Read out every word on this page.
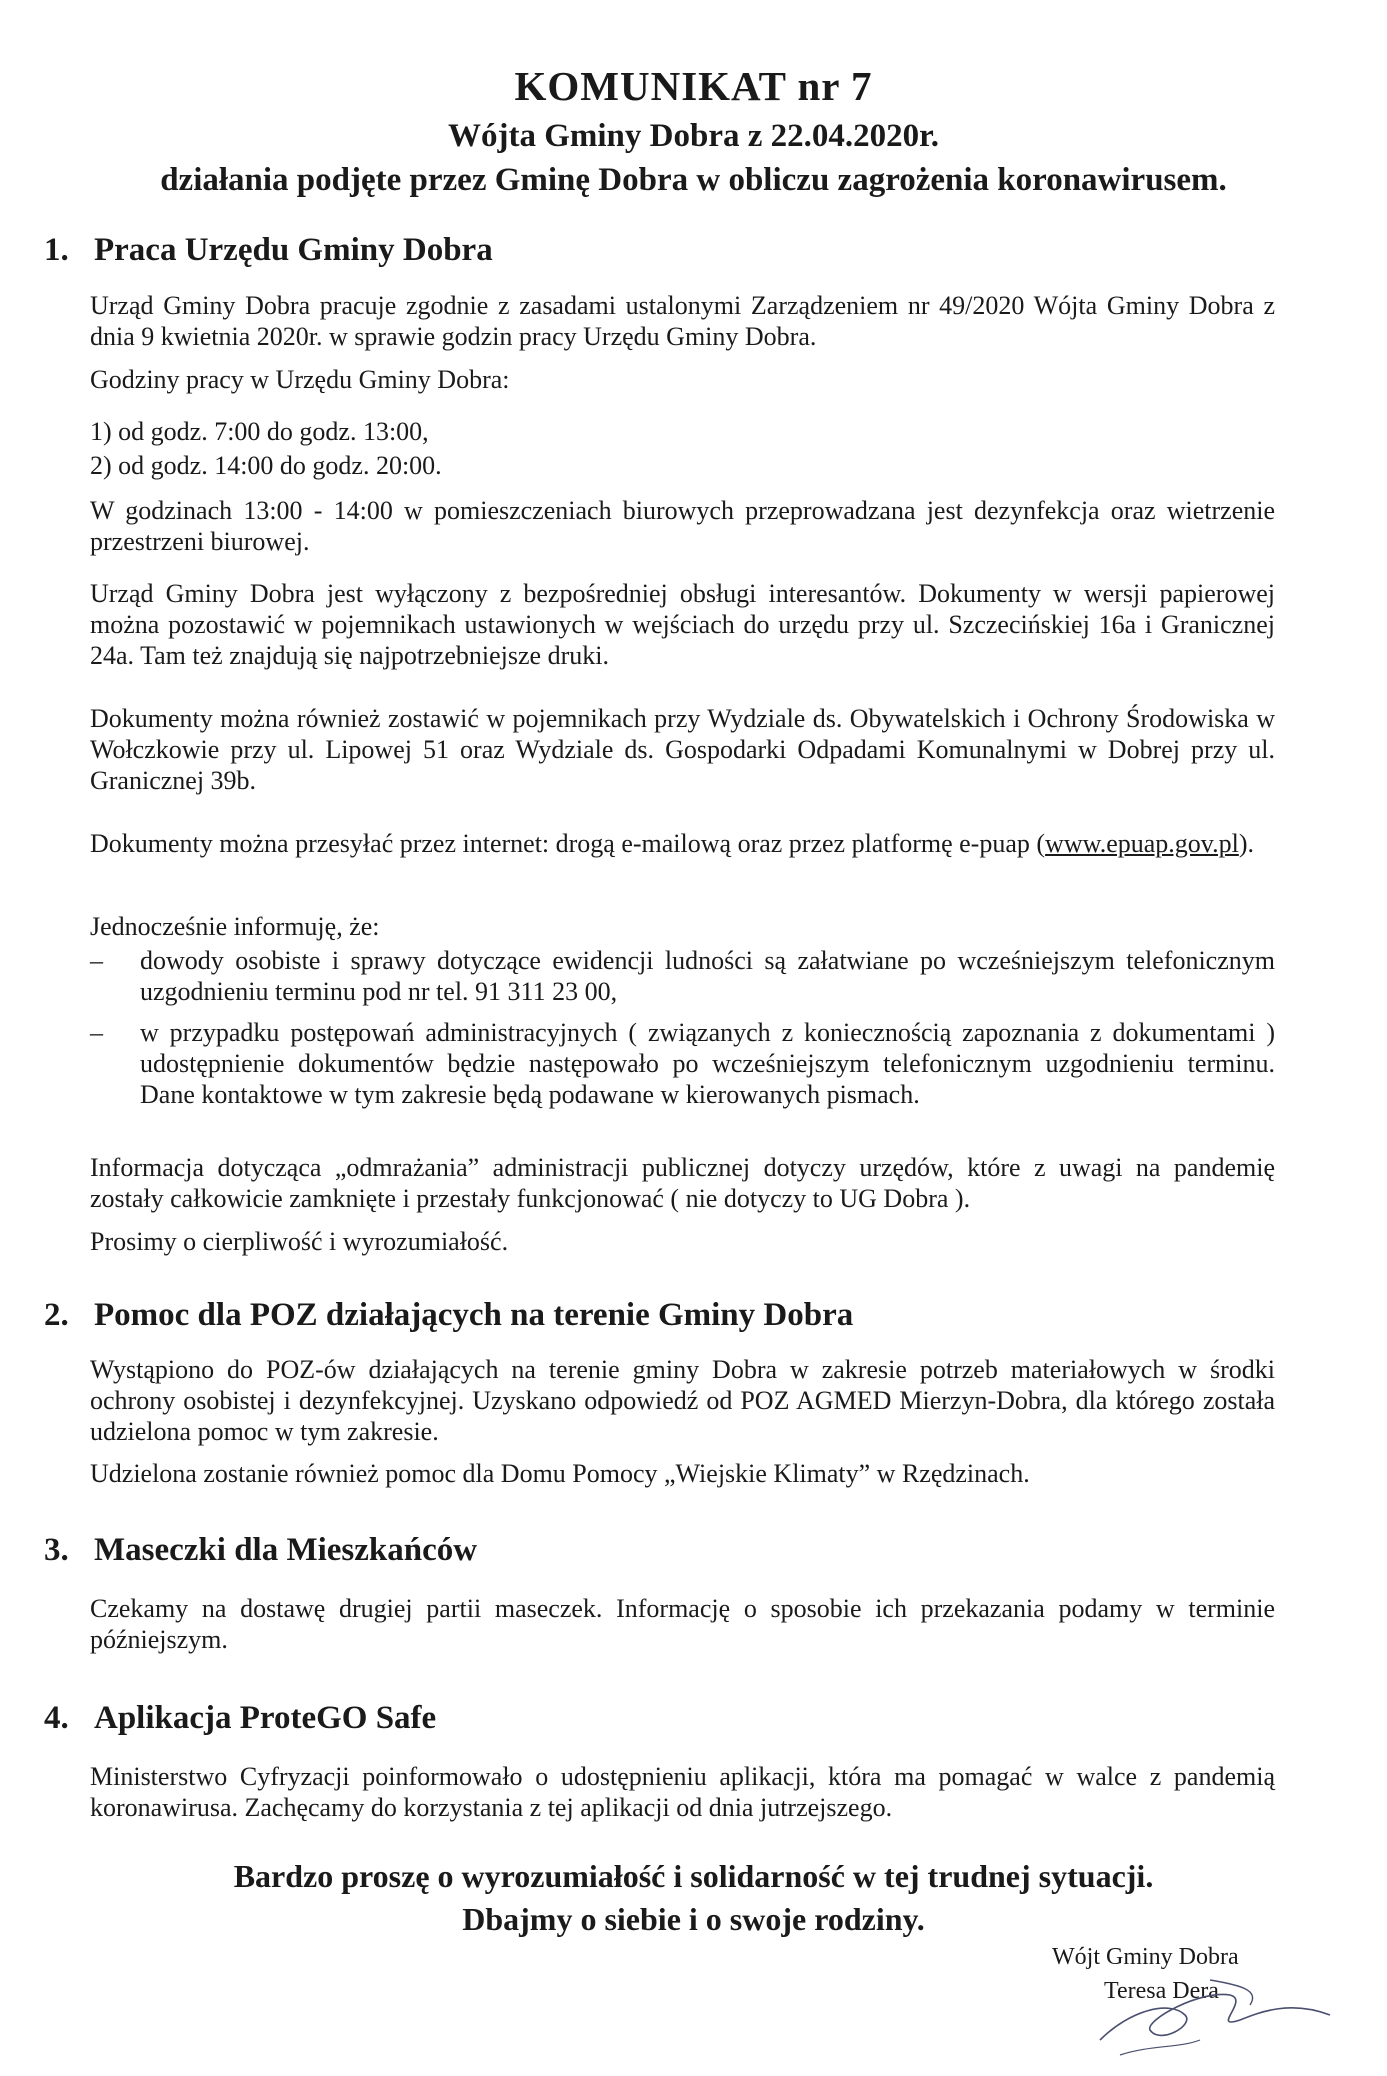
KOMUNIKAT nr 7
Wójta Gminy Dobra z 22.04.2020r.
działania podjęte przez Gminę Dobra w obliczu zagrożenia koronawirusem.
1. Praca Urzędu Gminy Dobra
Urząd Gminy Dobra pracuje zgodnie z zasadami ustalonymi Zarządzeniem nr 49/2020 Wójta Gminy Dobra z dnia 9 kwietnia 2020r. w sprawie godzin pracy Urzędu Gminy Dobra.
Godziny pracy w Urzędu Gminy Dobra:
1) od godz. 7:00 do godz. 13:00,
2) od godz. 14:00 do godz. 20:00.
W godzinach 13:00 - 14:00 w pomieszczeniach biurowych przeprowadzana jest dezynfekcja oraz wietrzenie przestrzeni biurowej.
Urząd Gminy Dobra jest wyłączony z bezpośredniej obsługi interesantów. Dokumenty w wersji papierowej można pozostawić w pojemnikach ustawionych w wejściach do urzędu przy ul. Szczecińskiej 16a i Granicznej 24a. Tam też znajdują się najpotrzebniejsze druki.
Dokumenty można również zostawić w pojemnikach przy Wydziale ds. Obywatelskich i Ochrony Środowiska w Wołczkowie przy ul. Lipowej 51 oraz Wydziale ds. Gospodarki Odpadami Komunalnymi w Dobrej przy ul. Granicznej 39b.
Dokumenty można przesyłać przez internet: drogą e-mailową oraz przez platformę e-puap (www.epuap.gov.pl).
Jednocześnie informuję, że:
– dowody osobiste i sprawy dotyczące ewidencji ludności są załatwiane po wcześniejszym telefonicznym uzgodnieniu terminu pod nr tel. 91 311 23 00,
– w przypadku postępowań administracyjnych ( związanych z koniecznością zapoznania z dokumentami ) udostępnienie dokumentów będzie następowało po wcześniejszym telefonicznym uzgodnieniu terminu. Dane kontaktowe w tym zakresie będą podawane w kierowanych pismach.
Informacja dotycząca „odmrażania” administracji publicznej dotyczy urzędów, które z uwagi na pandemię zostały całkowicie zamknięte i przestały funkcjonować ( nie dotyczy to UG Dobra ).
Prosimy o cierpliwość i wyrozumiałość.
2. Pomoc dla POZ działających na terenie Gminy Dobra
Wystąpiono do POZ-ów działających na terenie gminy Dobra w zakresie potrzeb materiałowych w środki ochrony osobistej i dezynfekcyjnej. Uzyskano odpowiedź od POZ AGMED Mierzyn-Dobra, dla którego została udzielona pomoc w tym zakresie.
Udzielona zostanie również pomoc dla Domu Pomocy „Wiejskie Klimaty” w Rzędzinach.
3. Maseczki dla Mieszkańców
Czekamy na dostawę drugiej partii maseczek. Informację o sposobie ich przekazania podamy w terminie późniejszym.
4. Aplikacja ProteGO Safe
Ministerstwo Cyfryzacji poinformowało o udostępnieniu aplikacji, która ma pomagać w walce z pandemią koronawirusa. Zachęcamy do korzystania z tej aplikacji od dnia jutrzejszego.
Bardzo proszę o wyrozumiałość i solidarność w tej trudnej sytuacji.
Dbajmy o siebie i o swoje rodziny.
Wójt Gminy Dobra
Teresa Dera
